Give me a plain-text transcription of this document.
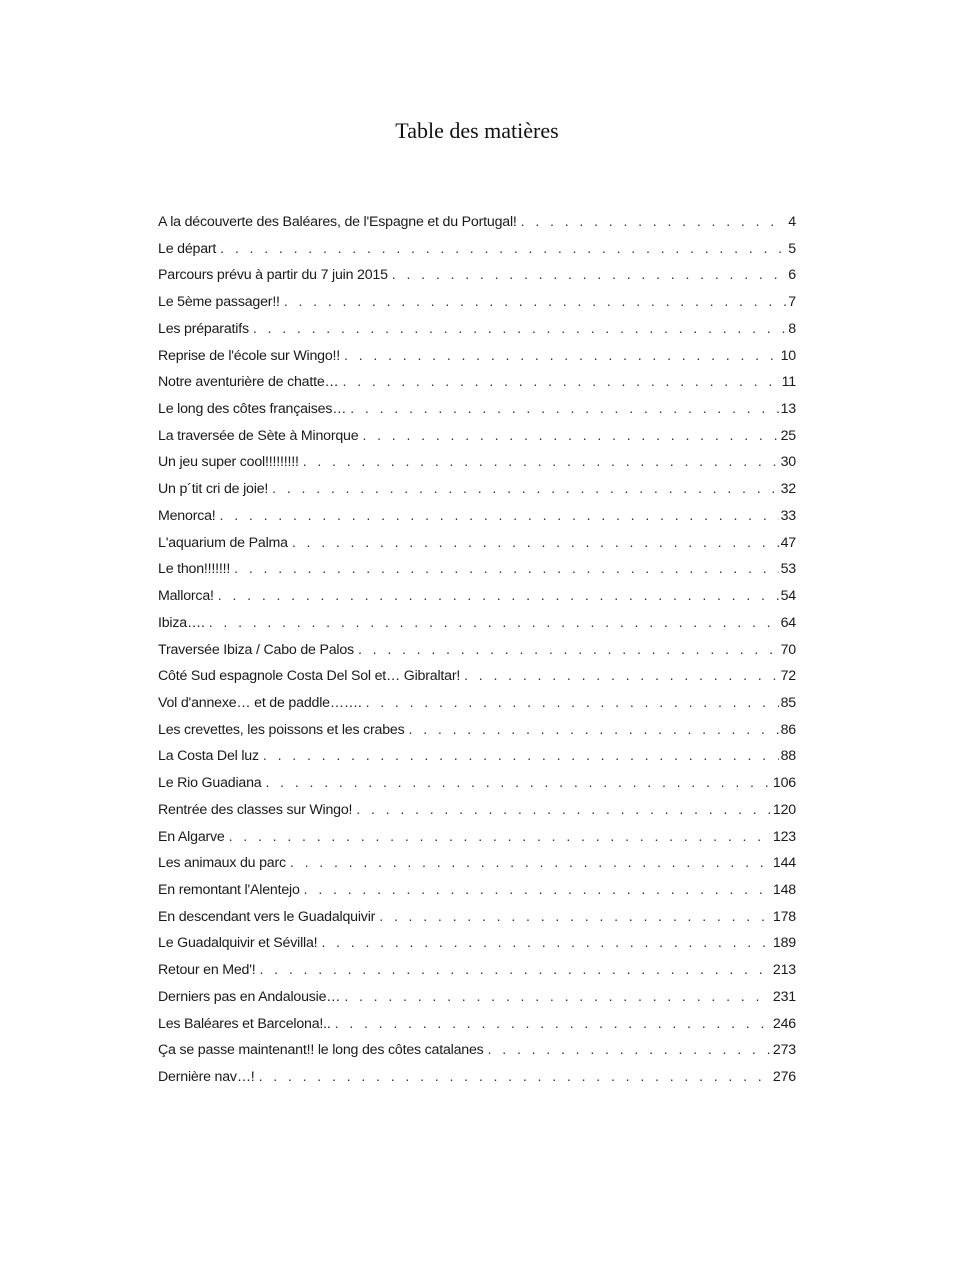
Table des matières
A la découverte des Baléares, de l'Espagne et du Portugal! . . .	4
Le départ . . .	5
Parcours prévu à partir du 7 juin 2015 . . .	6
Le 5ème passager!! . . .	7
Les préparatifs . . .	8
Reprise de l'école sur Wingo!! . . .	10
Notre aventurière de chatte… . . .	11
Le long des côtes françaises… . . .	13
La traversée de Sète à Minorque . . .	25
Un jeu super cool!!!!!!!!! . . .	30
Un p´tit cri de joie! . . .	32
Menorca! . . .	33
L'aquarium de Palma . . .	47
Le thon!!!!!!! . . .	53
Mallorca! . . .	54
Ibiza…. . . .	64
Traversée Ibiza / Cabo de Palos . . .	70
Côté Sud espagnole Costa Del Sol et… Gibraltar! . . .	72
Vol d'annexe… et de paddle……. . . .	85
Les crevettes, les poissons et les crabes . . .	86
La Costa Del luz . . .	88
Le Rio Guadiana . . .	106
Rentrée des classes sur Wingo! . . .	120
En Algarve . . .	123
Les animaux du parc . . .	144
En remontant l'Alentejo . . .	148
En descendant vers le Guadalquivir . . .	178
Le Guadalquivir et Sévilla! . . .	189
Retour en Med'! . . .	213
Derniers pas en Andalousie… . . .	231
Les Baléares et Barcelona!.. . . .	246
Ça se passe maintenant!! le long des côtes catalanes . . .	273
Dernière nav…! . . .	276
